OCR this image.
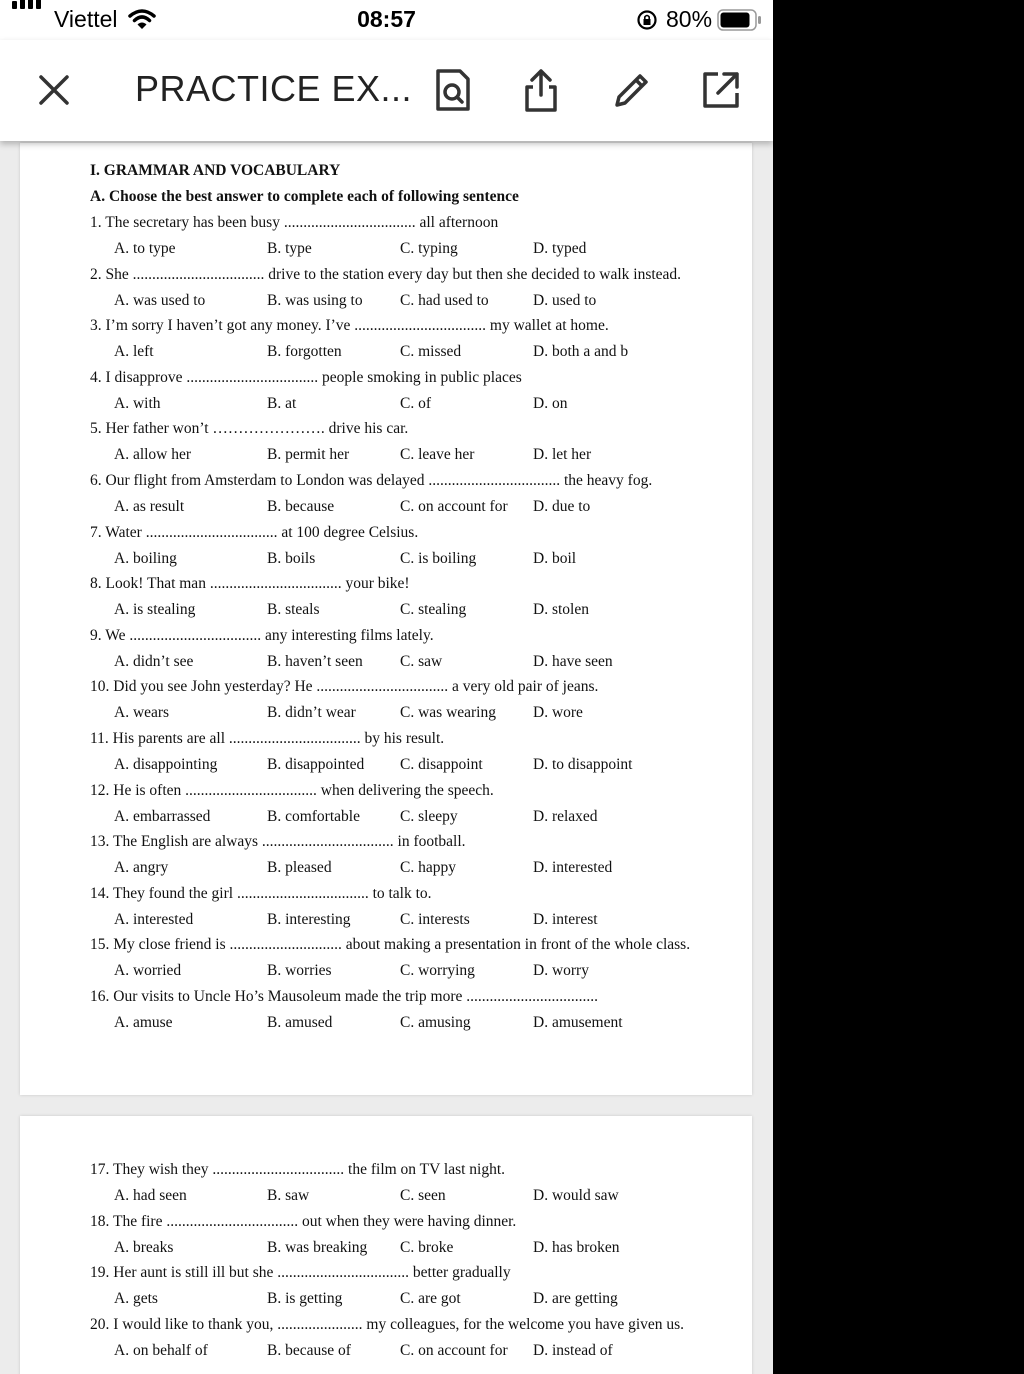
Viettel	08:57	80%
PRACTICE EX...
I. GRAMMAR AND VOCABULARY
A. Choose the best answer to complete each of following sentence
1. The secretary has been busy .................................. all afternoon
A. to type	B. type	C. typing	D. typed
2. She .................................. drive to the station every day but then she decided to walk instead.
A. was used to	B. was using to C. had used to	D. used to
3. I’m sorry I haven’t got any money. I’ve .................................. my wallet at home.
A. left	B. forgotten	C. missed	D. both a and b
4. I disapprove .................................. people smoking in public places
A. with	B. at	C. of	D. on
5. Her father won’t …………………. drive his car.
A. allow her	B. permit her	C. leave her	D. let her
6. Our flight from Amsterdam to London was delayed .................................. the heavy fog.
A. as result	B. because	C. on account for D. due to
7. Water .................................. at 100 degree Celsius.
A. boiling	B. boils	C. is boiling	D. boil
8. Look! That man .................................. your bike!
A. is stealing	B. steals	C. stealing	D. stolen
9. We .................................. any interesting films lately.
A. didn’t see	B. haven’t seen C. saw	D. have seen
10. Did you see John yesterday? He .................................. a very old pair of jeans.
A. wears	B. didn’t wear	C. was wearing D. wore
11. His parents are all .................................. by his result.
A. disappointing	B. disappointed C. disappoint	D. to disappoint
12. He is often .................................. when delivering the speech.
A. embarrassed	B. comfortable	C. sleepy	D. relaxed
13. The English are always .................................. in football.
A. angry	B. pleased	C. happy	D. interested
14. They found the girl .................................. to talk to.
A. interested	B. interesting	C. interests	D. interest
15. My close friend is ............................. about making a presentation in front of the whole class.
A. worried	B. worries	C. worrying	D. worry
16. Our visits to Uncle Ho’s Mausoleum made the trip more ..................................
A. amuse	B. amused	C. amusing	D. amusement
17. They wish they .................................. the film on TV last night.
A. had seen	B. saw	C. seen	D. would saw
18. The fire .................................. out when they were having dinner.
A. breaks	B. was breaking C. broke	D. has broken
19. Her aunt is still ill but she .................................. better gradually
A. gets	B. is getting	C. are got	D. are getting
20. I would like to thank you, ...................... my colleagues, for the welcome you have given us.
A. on behalf of	B. because of	C. on account for D. instead of
